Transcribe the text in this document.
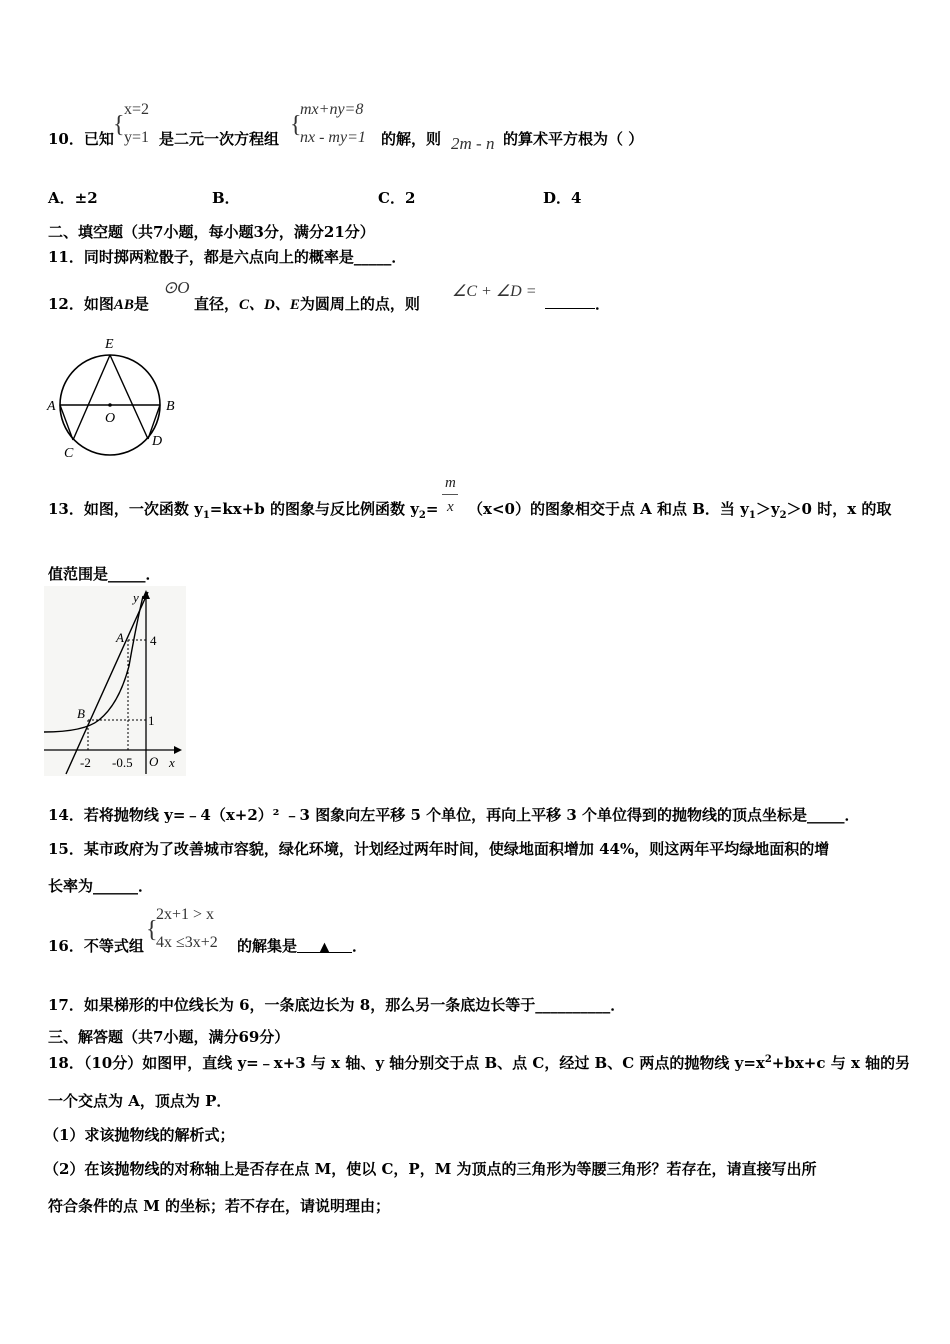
10．已知
{
x=2
y=1 是二元一次方程组
{
mx+ny=8
nx - my=1 的解，则 2m - n 的算术平方根为（ ）
A．±2	B．	C．2	D．4
二、填空题（共7小题，每小题3分，满分21分）
11．同时掷两粒骰子，都是六点向上的概率是_____．
12．如图AB是
⊙O
直径，C、D、E为圆周上的点，则
∠C + ∠D =
．
E
A	B
O
C
D
13．如图，一次函数 $y_1=kx+b$ 的图象与反比例函数 $y_2=$
m
x （x<0）的图象相交于点 A 和点 B．当 $y_1>y_2>0$ 时，x 的取
值范围是_____．
y
A
B
4
1
-2 -0.5 O x
14．若将抛物线 y=﹣4（x+2）² ﹣3 图象向左平移 5 个单位，再向上平移 3 个单位得到的抛物线的顶点坐标是_____．
15．某市政府为了改善城市容貌，绿化环境，计划经过两年时间，使绿地面积增加 44%，则这两年平均绿地面积的增
长率为______．
16．不等式组
{
2x+1 > x
4x ≤3x+2 的解集是 ▲ ．
17．如果梯形的中位线长为 6，一条底边长为 8，那么另一条底边长等于__________．
三、解答题（共7小题，满分69分）
18．（10分）如图甲，直线 y=﹣x+3 与 x 轴、y 轴分别交于点 B、点 C，经过 B、C 两点的抛物线 $y=x^2+bx+c$ 与 x 轴的另
一个交点为 A，顶点为 P．
（1）求该抛物线的解析式；
（2）在该抛物线的对称轴上是否存在点 M，使以 C，P，M 为顶点的三角形为等腰三角形？若存在，请直接写出所
符合条件的点 M 的坐标；若不存在，请说明理由；
